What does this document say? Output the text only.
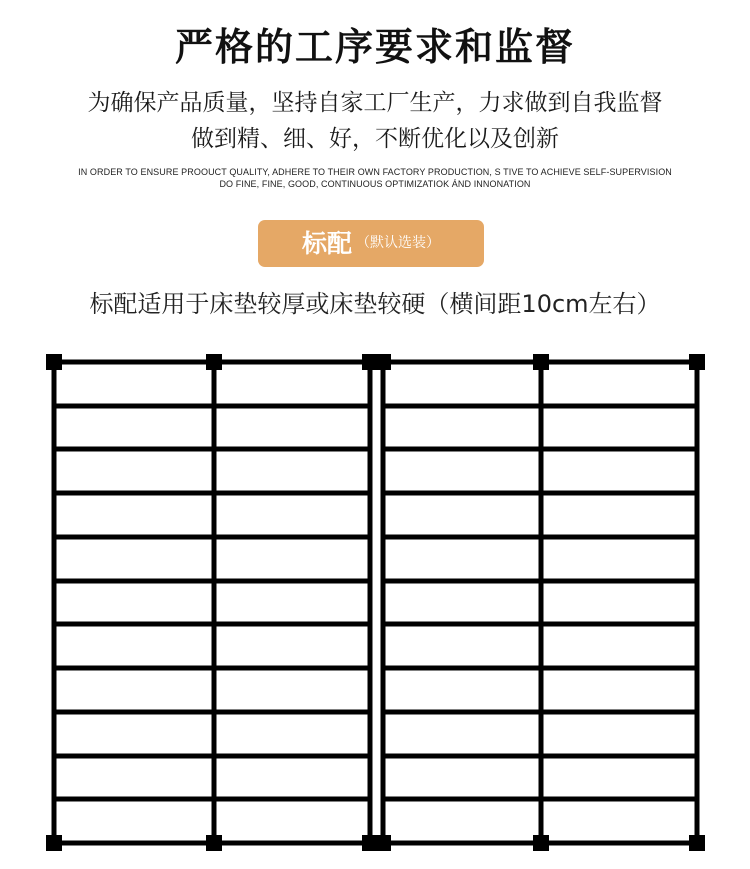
严格的工序要求和监督
为确保产品质量，坚持自家工厂生产，力求做到自我监督
做到精、细、好，不断优化以及创新
IN ORDER TO ENSURE PROOUCT QUALITY, ADHERE TO THEIR OWN FACTORY PRODUCTION, S TIVE TO ACHIEVE SELF-SUPERVISION
DO FINE, FINE, GOOD, CONTINUOUS OPTIMIZATIOK ÁND INNONATION
标配 （默认选装）
标配适用于床垫较厚或床垫较硬（横间距10cm左右）
